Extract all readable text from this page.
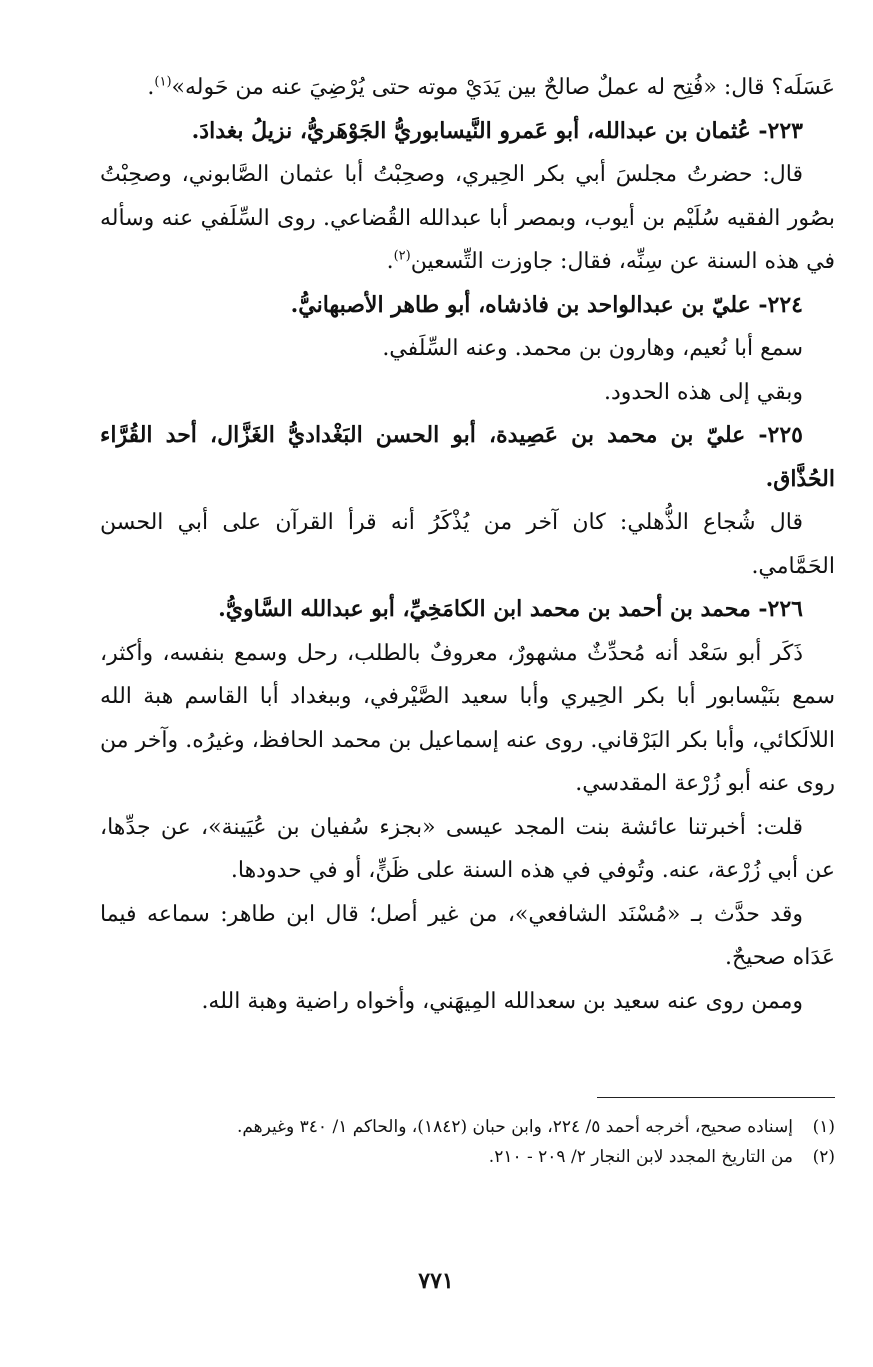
عَسَلَه؟ قال: «فُتِح له عملٌ صالحٌ بين يَدَيْ موته حتى يُرْضِيَ عنه من حَوله»$^{(١)}$.

٢٢٣- عُثمان بن عبدالله، أبو عَمرو النَّيسابوريُّ الجَوْهَريُّ، نزيلُ بغدادَ.

قال: حضرتُ مجلسَ أبي بكر الحِيري، وصحِبْتُ أبا عثمان الصَّابوني، وصحِبْتُ بصُور الفقيه سُلَيْم بن أيوب، وبمصر أبا عبدالله القُضاعي. روى السِّلَفي عنه وسأله في هذه السنة عن سِنِّه، فقال: جاوزت التِّسعين$^{(٢)}$.

٢٢٤- عليّ بن عبدالواحد بن فاذشاه، أبو طاهر الأصبهانيُّ.

سمع أبا نُعيم، وهارون بن محمد. وعنه السِّلَفي.

وبقي إلى هذه الحدود.

٢٢٥- عليّ بن محمد بن عَصِيدة، أبو الحسن البَغْداديُّ الغَزَّال، أحد القُرَّاء الحُذَّاق.

قال شُجاع الذُّهلي: كان آخر من يُذْكَرُ أنه قرأ القرآن على أبي الحسن الحَمَّامي.

٢٢٦- محمد بن أحمد بن محمد ابن الكامَخِيِّ، أبو عبدالله السَّاويُّ.

ذَكَر أبو سَعْد أنه مُحدِّثٌ مشهورٌ، معروفٌ بالطلب، رحل وسمع بنفسه، وأكثر، سمع بنَيْسابور أبا بكر الحِيري وأبا سعيد الصَّيْرفي، وببغداد أبا القاسم هبة الله اللالَكائي، وأبا بكر البَرْقاني. روى عنه إسماعيل بن محمد الحافظ، وغيرُه. وآخر من روى عنه أبو زُرْعة المقدسي.

قلت: أخبرتنا عائشة بنت المجد عيسى «بجزء سُفيان بن عُيَينة»، عن جدِّها، عن أبي زُرْعة، عنه. وتُوفي في هذه السنة على ظَنٍّ، أو في حدودها.

وقد حدَّث بـ «مُسْنَد الشافعي»، من غير أصل؛ قال ابن طاهر: سماعه فيما عَدَاه صحيحٌ.

وممن روى عنه سعيد بن سعدالله المِيهَني، وأخواه راضية وهبة الله.

(١)إسناده صحيح، أخرجه أحمد ٥/ ٢٢٤، وابن حبان (١٨٤٢)، والحاكم ١/ ٣٤٠ وغيرهم.

(٢)من التاريخ المجدد لابن النجار ٢/ ٢٠٩ - ٢١٠.

٧٧١
